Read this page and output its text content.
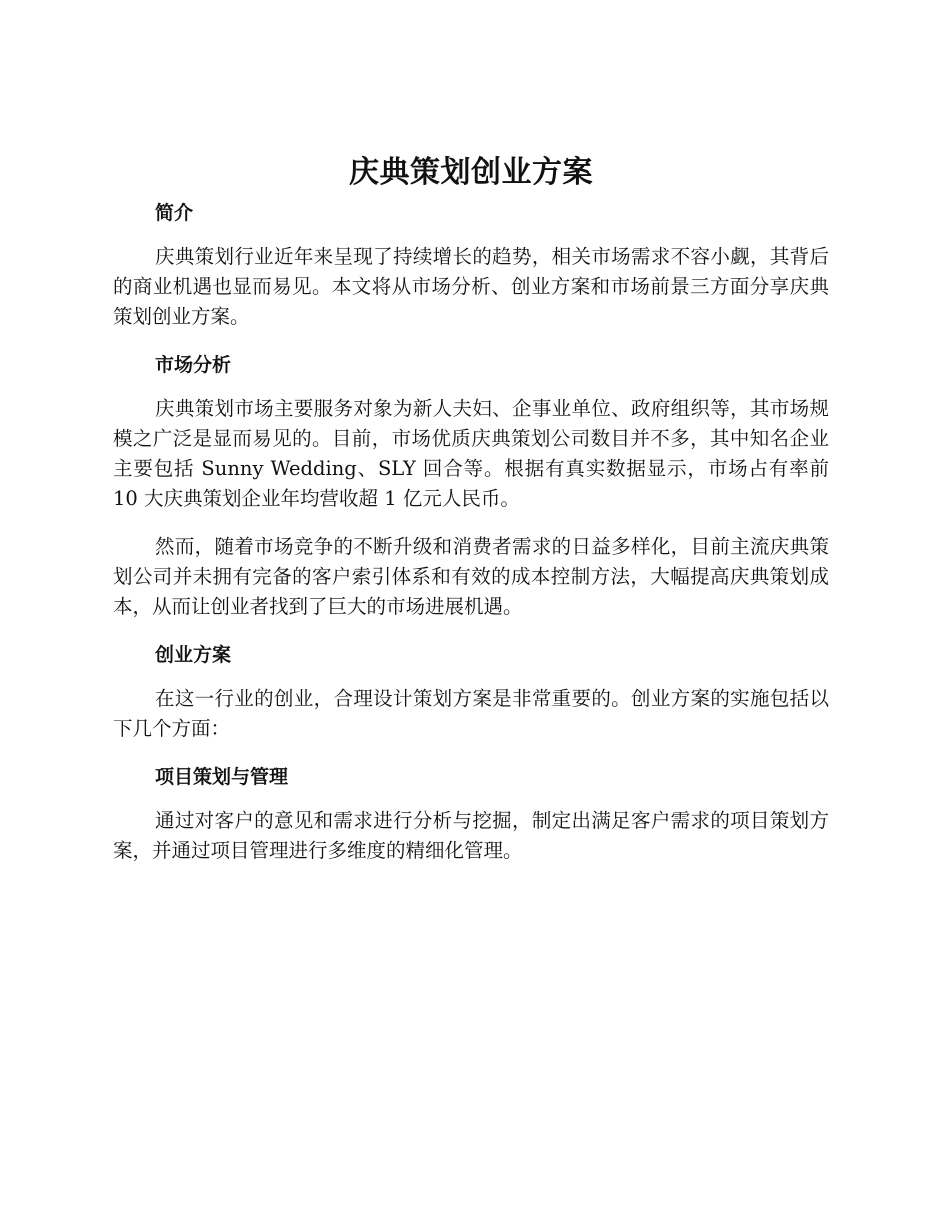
庆典策划创业方案
简介

庆典策划行业近年来呈现了持续增长的趋势，相关市场需求不容小觑，其背后的商业机遇也显而易见。本文将从市场分析、创业方案和市场前景三方面分享庆典策划创业方案。

市场分析

庆典策划市场主要服务对象为新人夫妇、企事业单位、政府组织等，其市场规模之广泛是显而易见的。目前，市场优质庆典策划公司数目并不多，其中知名企业主要包括 Sunny Wedding、SLY 回合等。根据有真实数据显示，市场占有率前 10 大庆典策划企业年均营收超 1 亿元人民币。

然而，随着市场竞争的不断升级和消费者需求的日益多样化，目前主流庆典策划公司并未拥有完备的客户索引体系和有效的成本控制方法，大幅提高庆典策划成本，从而让创业者找到了巨大的市场进展机遇。

创业方案

在这一行业的创业，合理设计策划方案是非常重要的。创业方案的实施包括以下几个方面：

项目策划与管理

通过对客户的意见和需求进行分析与挖掘，制定出满足客户需求的项目策划方案，并通过项目管理进行多维度的精细化管理。
